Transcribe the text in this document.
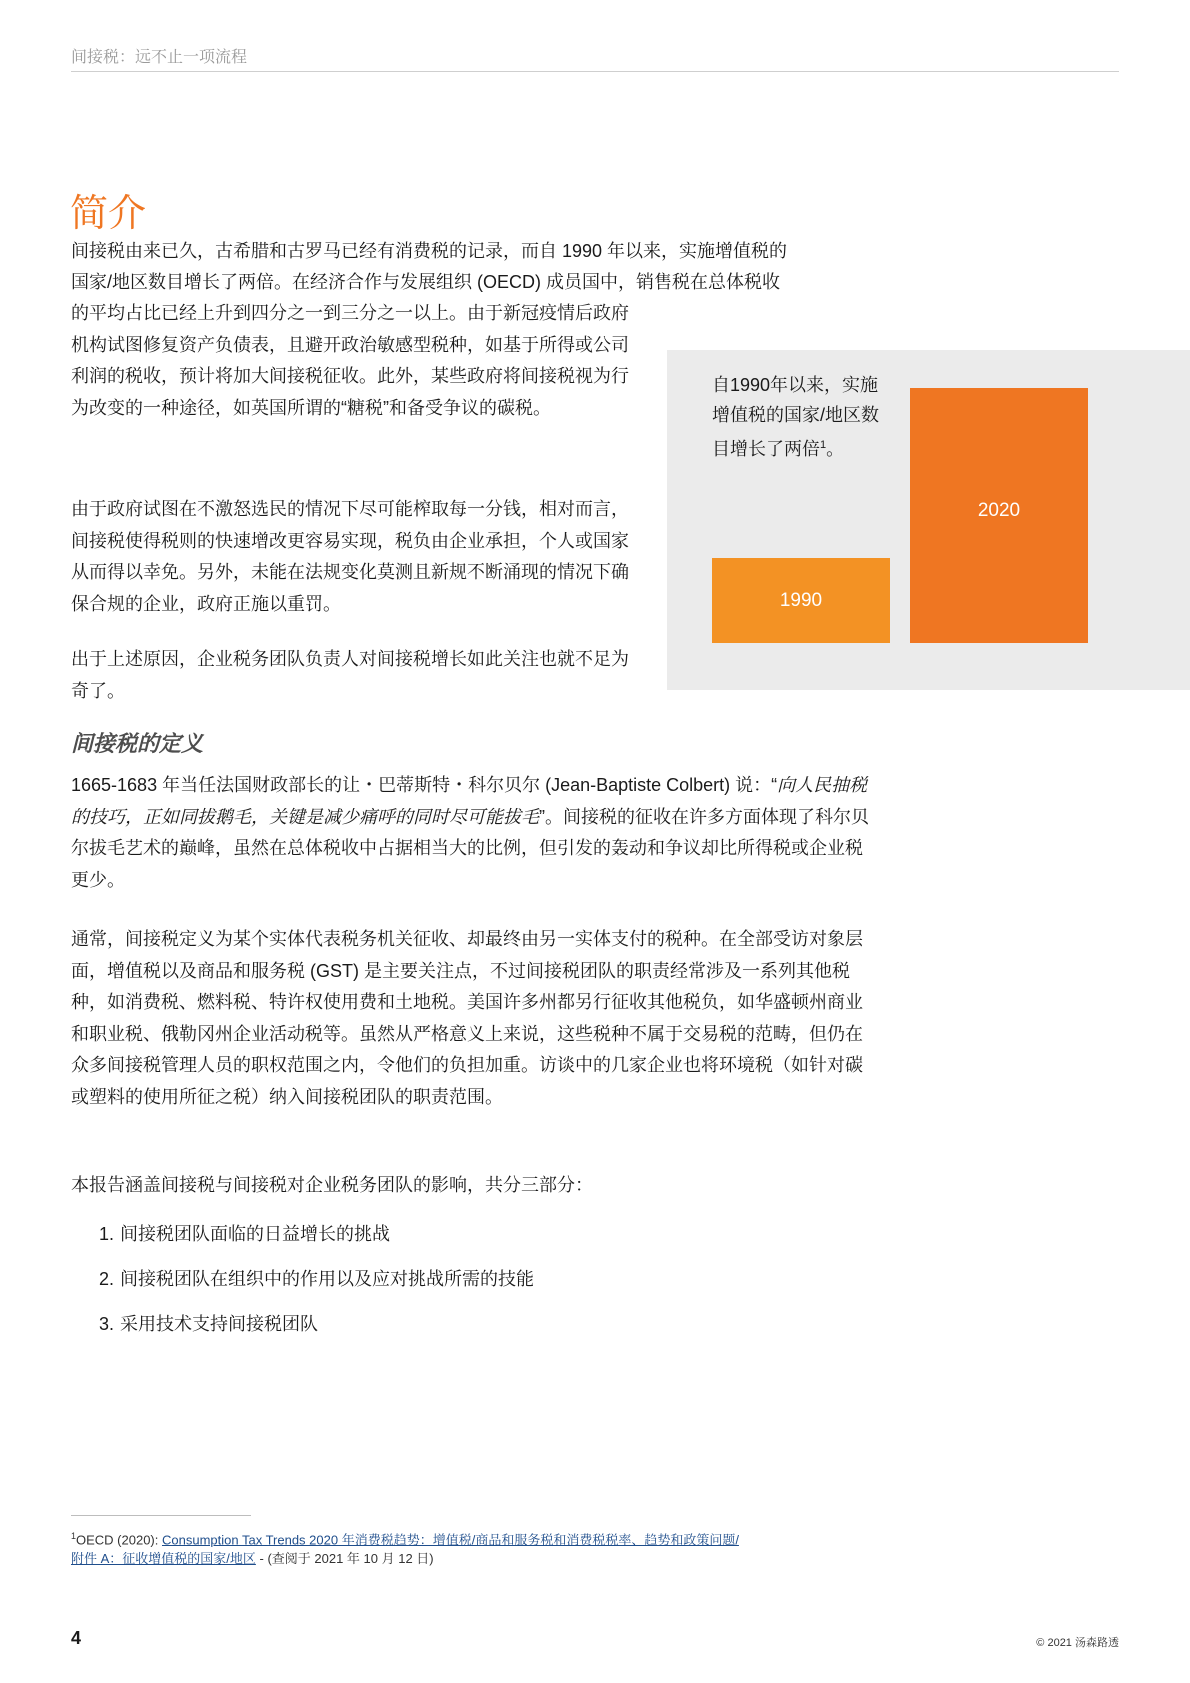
间接税：远不止一项流程
简介

间接税由来已久，古希腊和古罗马已经有消费税的记录，而自 1990 年以来，实施增值税的

国家/地区数目增长了两倍。在经济合作与发展组织 (OECD) 成员国中，销售税在总体税收

的平均占比已经上升到四分之一到三分之一以上。由于新冠疫情后政府机构试图修复资产负债表，且避开政治敏感型税种，如基于所得或公司利润的税收，预计将加大间接税征收。此外，某些政府将间接税视为行为改变的一种途径，如英国所谓的“糖税”和备受争议的碳税。

由于政府试图在不激怒选民的情况下尽可能榨取每一分钱，相对而言，间接税使得税则的快速增改更容易实现，税负由企业承担，个人或国家从而得以幸免。另外，未能在法规变化莫测且新规不断涌现的情况下确保合规的企业，政府正施以重罚。

出于上述原因，企业税务团队负责人对间接税增长如此关注也就不足为奇了。

自1990年以来，实施增值税的国家/地区数目增长了两倍$^1$。
1990
2020
间接税的定义

1665-1683 年当任法国财政部长的让・巴蒂斯特・科尔贝尔 (Jean-Baptiste Colbert) 说：“向人民抽税的技巧，正如同拔鹅毛，关键是减少痛呼的同时尽可能拔毛”。间接税的征收在许多方面体现了科尔贝尔拔毛艺术的巅峰，虽然在总体税收中占据相当大的比例，但引发的轰动和争议却比所得税或企业税更少。

通常，间接税定义为某个实体代表税务机关征收、却最终由另一实体支付的税种。在全部受访对象层面，增值税以及商品和服务税 (GST) 是主要关注点，不过间接税团队的职责经常涉及一系列其他税种，如消费税、燃料税、特许权使用费和土地税。美国许多州都另行征收其他税负，如华盛顿州商业和职业税、俄勒冈州企业活动税等。虽然从严格意义上来说，这些税种不属于交易税的范畴，但仍在众多间接税管理人员的职权范围之内，令他们的负担加重。访谈中的几家企业也将环境税（如针对碳或塑料的使用所征之税）纳入间接税团队的职责范围。

本报告涵盖间接税与间接税对企业税务团队的影响，共分三部分：

1. 间接税团队面临的日益增长的挑战
2. 间接税团队在组织中的作用以及应对挑战所需的技能
3. 采用技术支持间接税团队
$^1$OECD (2020): Consumption Tax Trends 2020 年消费税趋势：增值税/商品和服务税和消费税税率、趋势和政策问题/
附件 A：征收增值税的国家/地区 - (查阅于 2021 年 10 月 12 日)
4	© 2021 汤森路透
